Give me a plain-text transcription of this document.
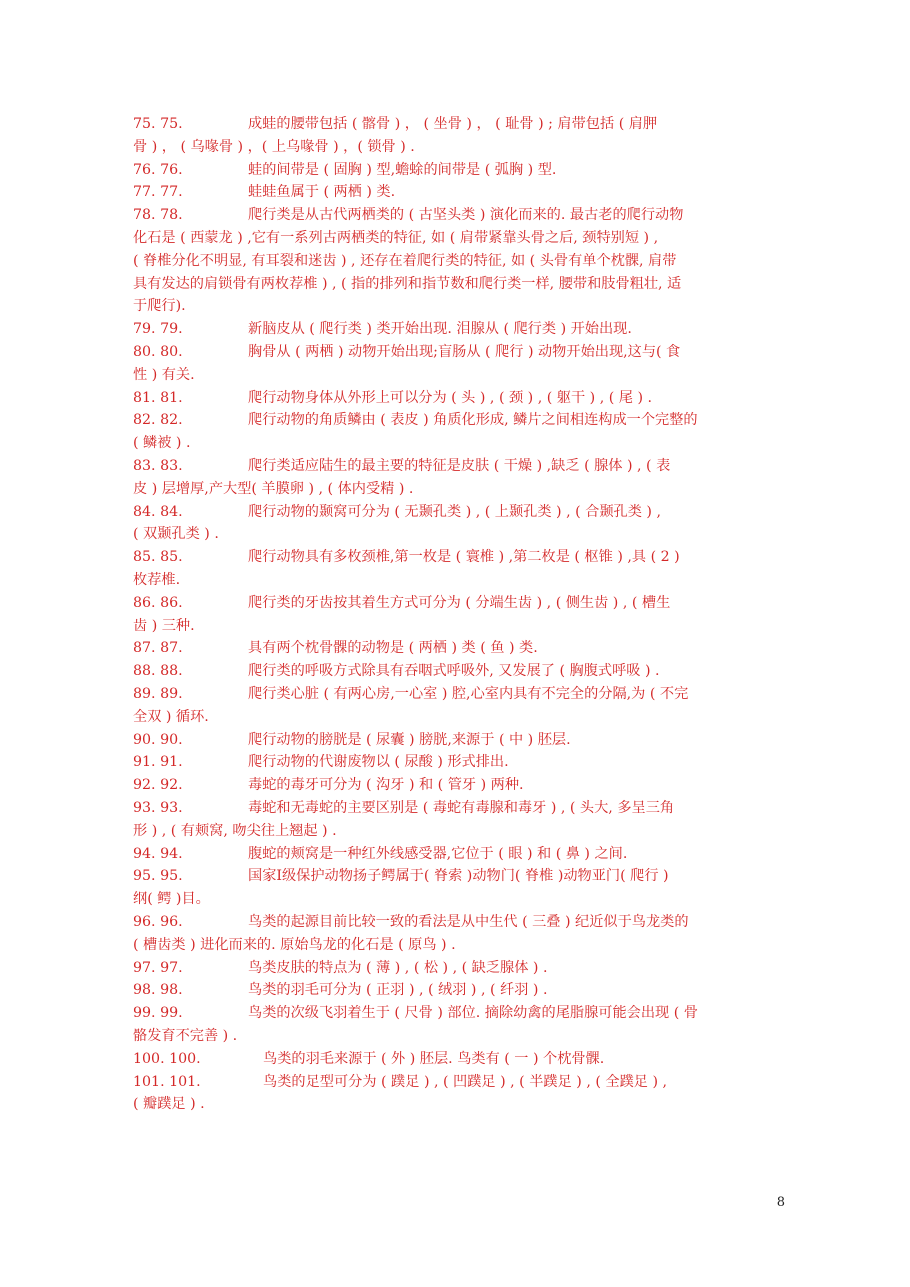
75. 75.	成蛙的腰带包括 ( 髂骨 ) ， ( 坐骨 ) ， ( 耻骨 ) ; 肩带包括 ( 肩胛
骨 ) ， ( 乌喙骨 ) ，( 上乌喙骨 ) ，( 锁骨 ) .
76. 76.	蛙的间带是 ( 固胸 ) 型,蟾蜍的间带是 ( 弧胸 ) 型.
77. 77.	蛙蛙鱼属于 ( 两栖 ) 类.
78. 78.	爬行类是从古代两栖类的 ( 古坚头类 ) 演化而来的. 最古老的爬行动物
化石是 ( 西蒙龙 ) ,它有一系列古两栖类的特征, 如 ( 肩带紧靠头骨之后, 颈特别短 ) ,
( 脊椎分化不明显, 有耳裂和迷齿 ) , 还存在着爬行类的特征, 如 ( 头骨有单个枕髁, 肩带
具有发达的肩锁骨有两枚荐椎 ) , ( 指的排列和指节数和爬行类一样, 腰带和肢骨粗壮, 适
于爬行).
79. 79.	新脑皮从 ( 爬行类 ) 类开始出现. 泪腺从 ( 爬行类 ) 开始出现.
80. 80.	胸骨从 ( 两栖 ) 动物开始出现;盲肠从 ( 爬行 ) 动物开始出现,这与( 食
性 ) 有关.
81. 81.	爬行动物身体从外形上可以分为 ( 头 ) , ( 颈 ) , ( 躯干 ) , ( 尾 ) .
82. 82.	爬行动物的角质鳞由 ( 表皮 ) 角质化形成, 鳞片之间相连构成一个完整的
( 鳞被 ) .
83. 83.	爬行类适应陆生的最主要的特征是皮肤 ( 干燥 ) ,缺乏 ( 腺体 ) , ( 表
皮 ) 层增厚,产大型( 羊膜卵 ) , ( 体内受精 ) .
84. 84.	爬行动物的颞窝可分为 ( 无颞孔类 ) , ( 上颞孔类 ) , ( 合颞孔类 ) ,
( 双颞孔类 ) .
85. 85.	爬行动物具有多枚颈椎,第一枚是 ( 寰椎 ) ,第二枚是 ( 枢锥 ) ,具 ( 2 )
枚荐椎.
86. 86.	爬行类的牙齿按其着生方式可分为 ( 分端生齿 ) , ( 侧生齿 ) , ( 槽生
齿 ) 三种.
87. 87.	具有两个枕骨髁的动物是 ( 两栖 ) 类 ( 鱼 ) 类.
88. 88.	爬行类的呼吸方式除具有吞咽式呼吸外, 又发展了 ( 胸腹式呼吸 ) .
89. 89.	爬行类心脏 ( 有两心房,一心室 ) 腔,心室内具有不完全的分隔,为 ( 不完
全双 ) 循环.
90. 90.	爬行动物的膀胱是 ( 尿囊 ) 膀胱,来源于 ( 中 ) 胚层.
91. 91.	爬行动物的代谢废物以 ( 尿酸 ) 形式排出.
92. 92.	毒蛇的毒牙可分为 ( 沟牙 ) 和 ( 管牙 ) 两种.
93. 93.	毒蛇和无毒蛇的主要区别是 ( 毒蛇有毒腺和毒牙 ) , ( 头大, 多呈三角
形 ) , ( 有颊窝, 吻尖往上翘起 ) .
94. 94.	腹蛇的颊窝是一种红外线感受器,它位于 ( 眼 ) 和 ( 鼻 ) 之间.
95. 95.	国家Ⅰ级保护动物扬子鳄属于( 脊索 )动物门( 脊椎 )动物亚门( 爬行 )
纲( 鳄 )目。
96. 96.	鸟类的起源目前比较一致的看法是从中生代 ( 三叠 ) 纪近似于鸟龙类的
( 槽齿类 ) 进化而来的. 原始鸟龙的化石是 ( 原鸟 ) .
97. 97.	鸟类皮肤的特点为 ( 薄 ) , ( 松 ) , ( 缺乏腺体 ) .
98. 98.	鸟类的羽毛可分为 ( 正羽 ) , ( 绒羽 ) , ( 纤羽 ) .
99. 99.	鸟类的次级飞羽着生于 ( 尺骨 ) 部位. 摘除幼禽的尾脂腺可能会出现 ( 骨
骼发育不完善 ) .
100. 100.	鸟类的羽毛来源于 ( 外 ) 胚层. 鸟类有 ( 一 ) 个枕骨髁.
101. 101.	鸟类的足型可分为 ( 蹼足 ) , ( 凹蹼足 ) , ( 半蹼足 ) , ( 全蹼足 ) ,
( 瓣蹼足 ) .
8
